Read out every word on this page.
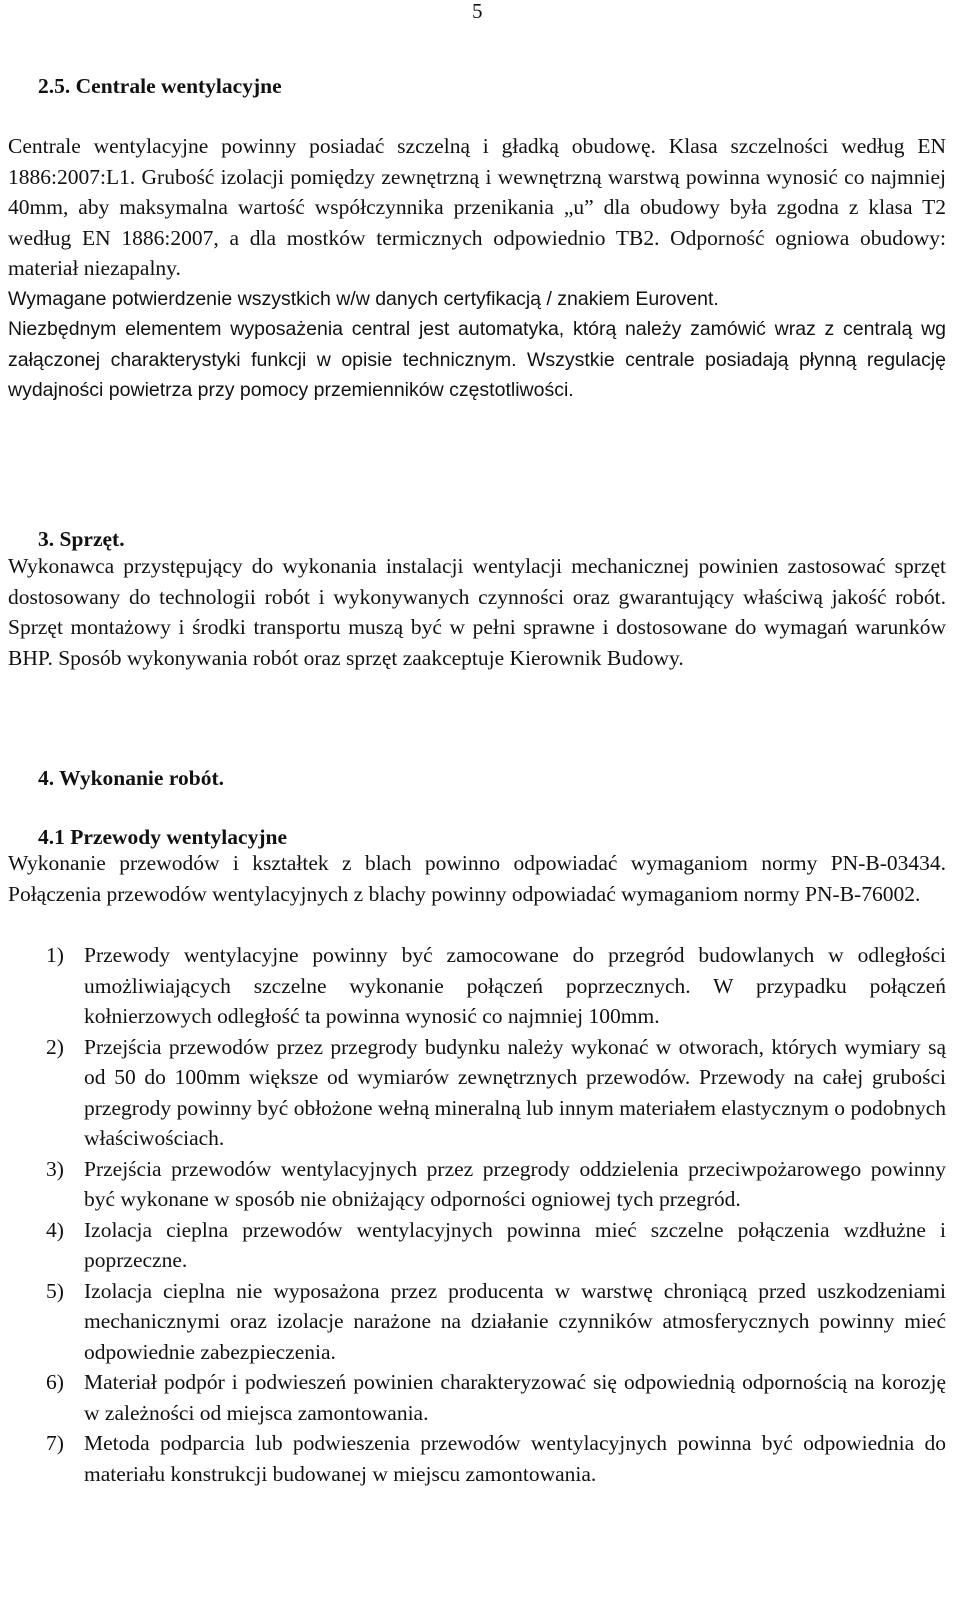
5
2.5. Centrale wentylacyjne

Centrale wentylacyjne powinny posiadać szczelną i gładką obudowę. Klasa szczelności według EN 1886:2007:L1. Grubość izolacji pomiędzy zewnętrzną i wewnętrzną warstwą powinna wynosić co najmniej 40mm, aby maksymalna wartość współczynnika przenikania „u” dla obudowy była zgodna z klasa T2 według EN 1886:2007, a dla mostków termicznych odpowiednio TB2. Odporność ogniowa obudowy: materiał niezapalny.

Wymagane potwierdzenie wszystkich w/w danych certyfikacją / znakiem Eurovent.

Niezbędnym elementem wyposażenia central jest automatyka, którą należy zamówić wraz z centralą wg załączonej charakterystyki funkcji w opisie technicznym. Wszystkie centrale posiadają płynną regulację wydajności powietrza przy pomocy przemienników częstotliwości.

3. Sprzęt.

Wykonawca przystępujący do wykonania instalacji wentylacji mechanicznej powinien zastosować sprzęt dostosowany do technologii robót i wykonywanych czynności oraz gwarantujący właściwą jakość robót. Sprzęt montażowy i środki transportu muszą być w pełni sprawne i dostosowane do wymagań warunków BHP. Sposób wykonywania robót oraz sprzęt zaakceptuje Kierownik Budowy.

4. Wykonanie robót.
4.1 Przewody wentylacyjne

Wykonanie przewodów i kształtek z blach powinno odpowiadać wymaganiom normy PN-B-03434. Połączenia przewodów wentylacyjnych z blachy powinny odpowiadać wymaganiom normy PN-B-76002.

1) Przewody wentylacyjne powinny być zamocowane do przegród budowlanych w odległości umożliwiających szczelne wykonanie połączeń poprzecznych. W przypadku połączeń kołnierzowych odległość ta powinna wynosić co najmniej 100mm.
2) Przejścia przewodów przez przegrody budynku należy wykonać w otworach, których wymiary są od 50 do 100mm większe od wymiarów zewnętrznych przewodów. Przewody na całej grubości przegrody powinny być obłożone wełną mineralną lub innym materiałem elastycznym o podobnych właściwościach.
3) Przejścia przewodów wentylacyjnych przez przegrody oddzielenia przeciwpożarowego powinny być wykonane w sposób nie obniżający odporności ogniowej tych przegród.
4) Izolacja cieplna przewodów wentylacyjnych powinna mieć szczelne połączenia wzdłużne i poprzeczne.
5) Izolacja cieplna nie wyposażona przez producenta w warstwę chroniącą przed uszkodzeniami mechanicznymi oraz izolacje narażone na działanie czynników atmosferycznych powinny mieć odpowiednie zabezpieczenia.
6) Materiał podpór i podwieszeń powinien charakteryzować się odpowiednią odpornością na korozję w zależności od miejsca zamontowania.
7) Metoda podparcia lub podwieszenia przewodów wentylacyjnych powinna być odpowiednia do materiału konstrukcji budowanej w miejscu zamontowania.
